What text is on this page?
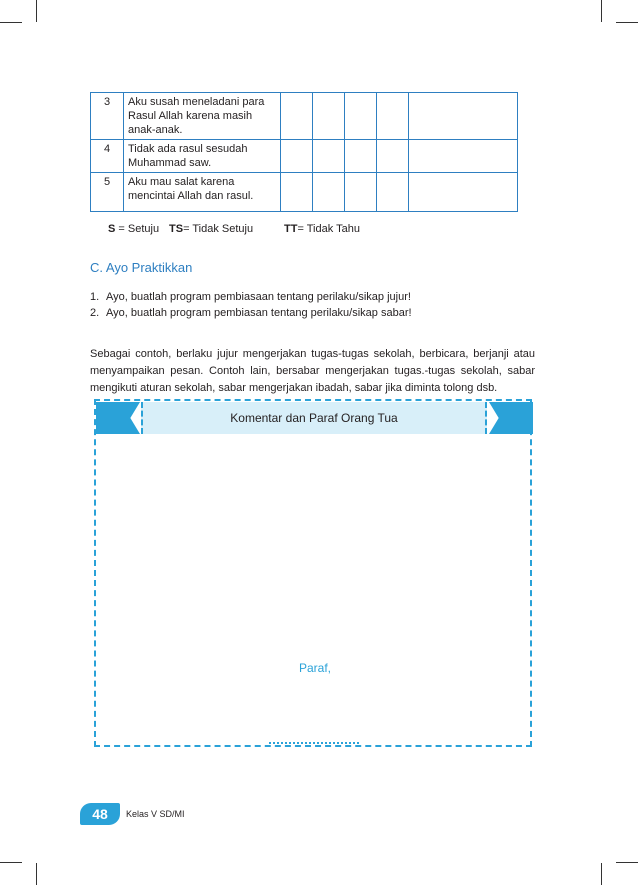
3	Aku susah meneladani para
Rasul Allah karena masih
anak-anak.					

4	Tidak ada rasul sesudah
Muhammad saw.					

5	Aku mau salat karena
mencintai Allah dan rasul.					

S = Setuju TS= Tidak Setuju	TT= Tidak Tahu
C. Ayo Praktikkan
1. Ayo, buatlah program pembiasaan tentang perilaku/sikap jujur!
2. Ayo, buatlah program pembiasan tentang perilaku/sikap sabar!
Sebagai contoh, berlaku jujur mengerjakan tugas-tugas sekolah, berbicara, berjanji atau menyampaikan pesan. Contoh lain, bersabar mengerjakan tugas.-tugas sekolah, sabar mengikuti aturan sekolah, sabar mengerjakan ibadah, sabar jika diminta tolong dsb.
Komentar dan Paraf Orang Tua
Paraf,
48	Kelas V SD/MI
